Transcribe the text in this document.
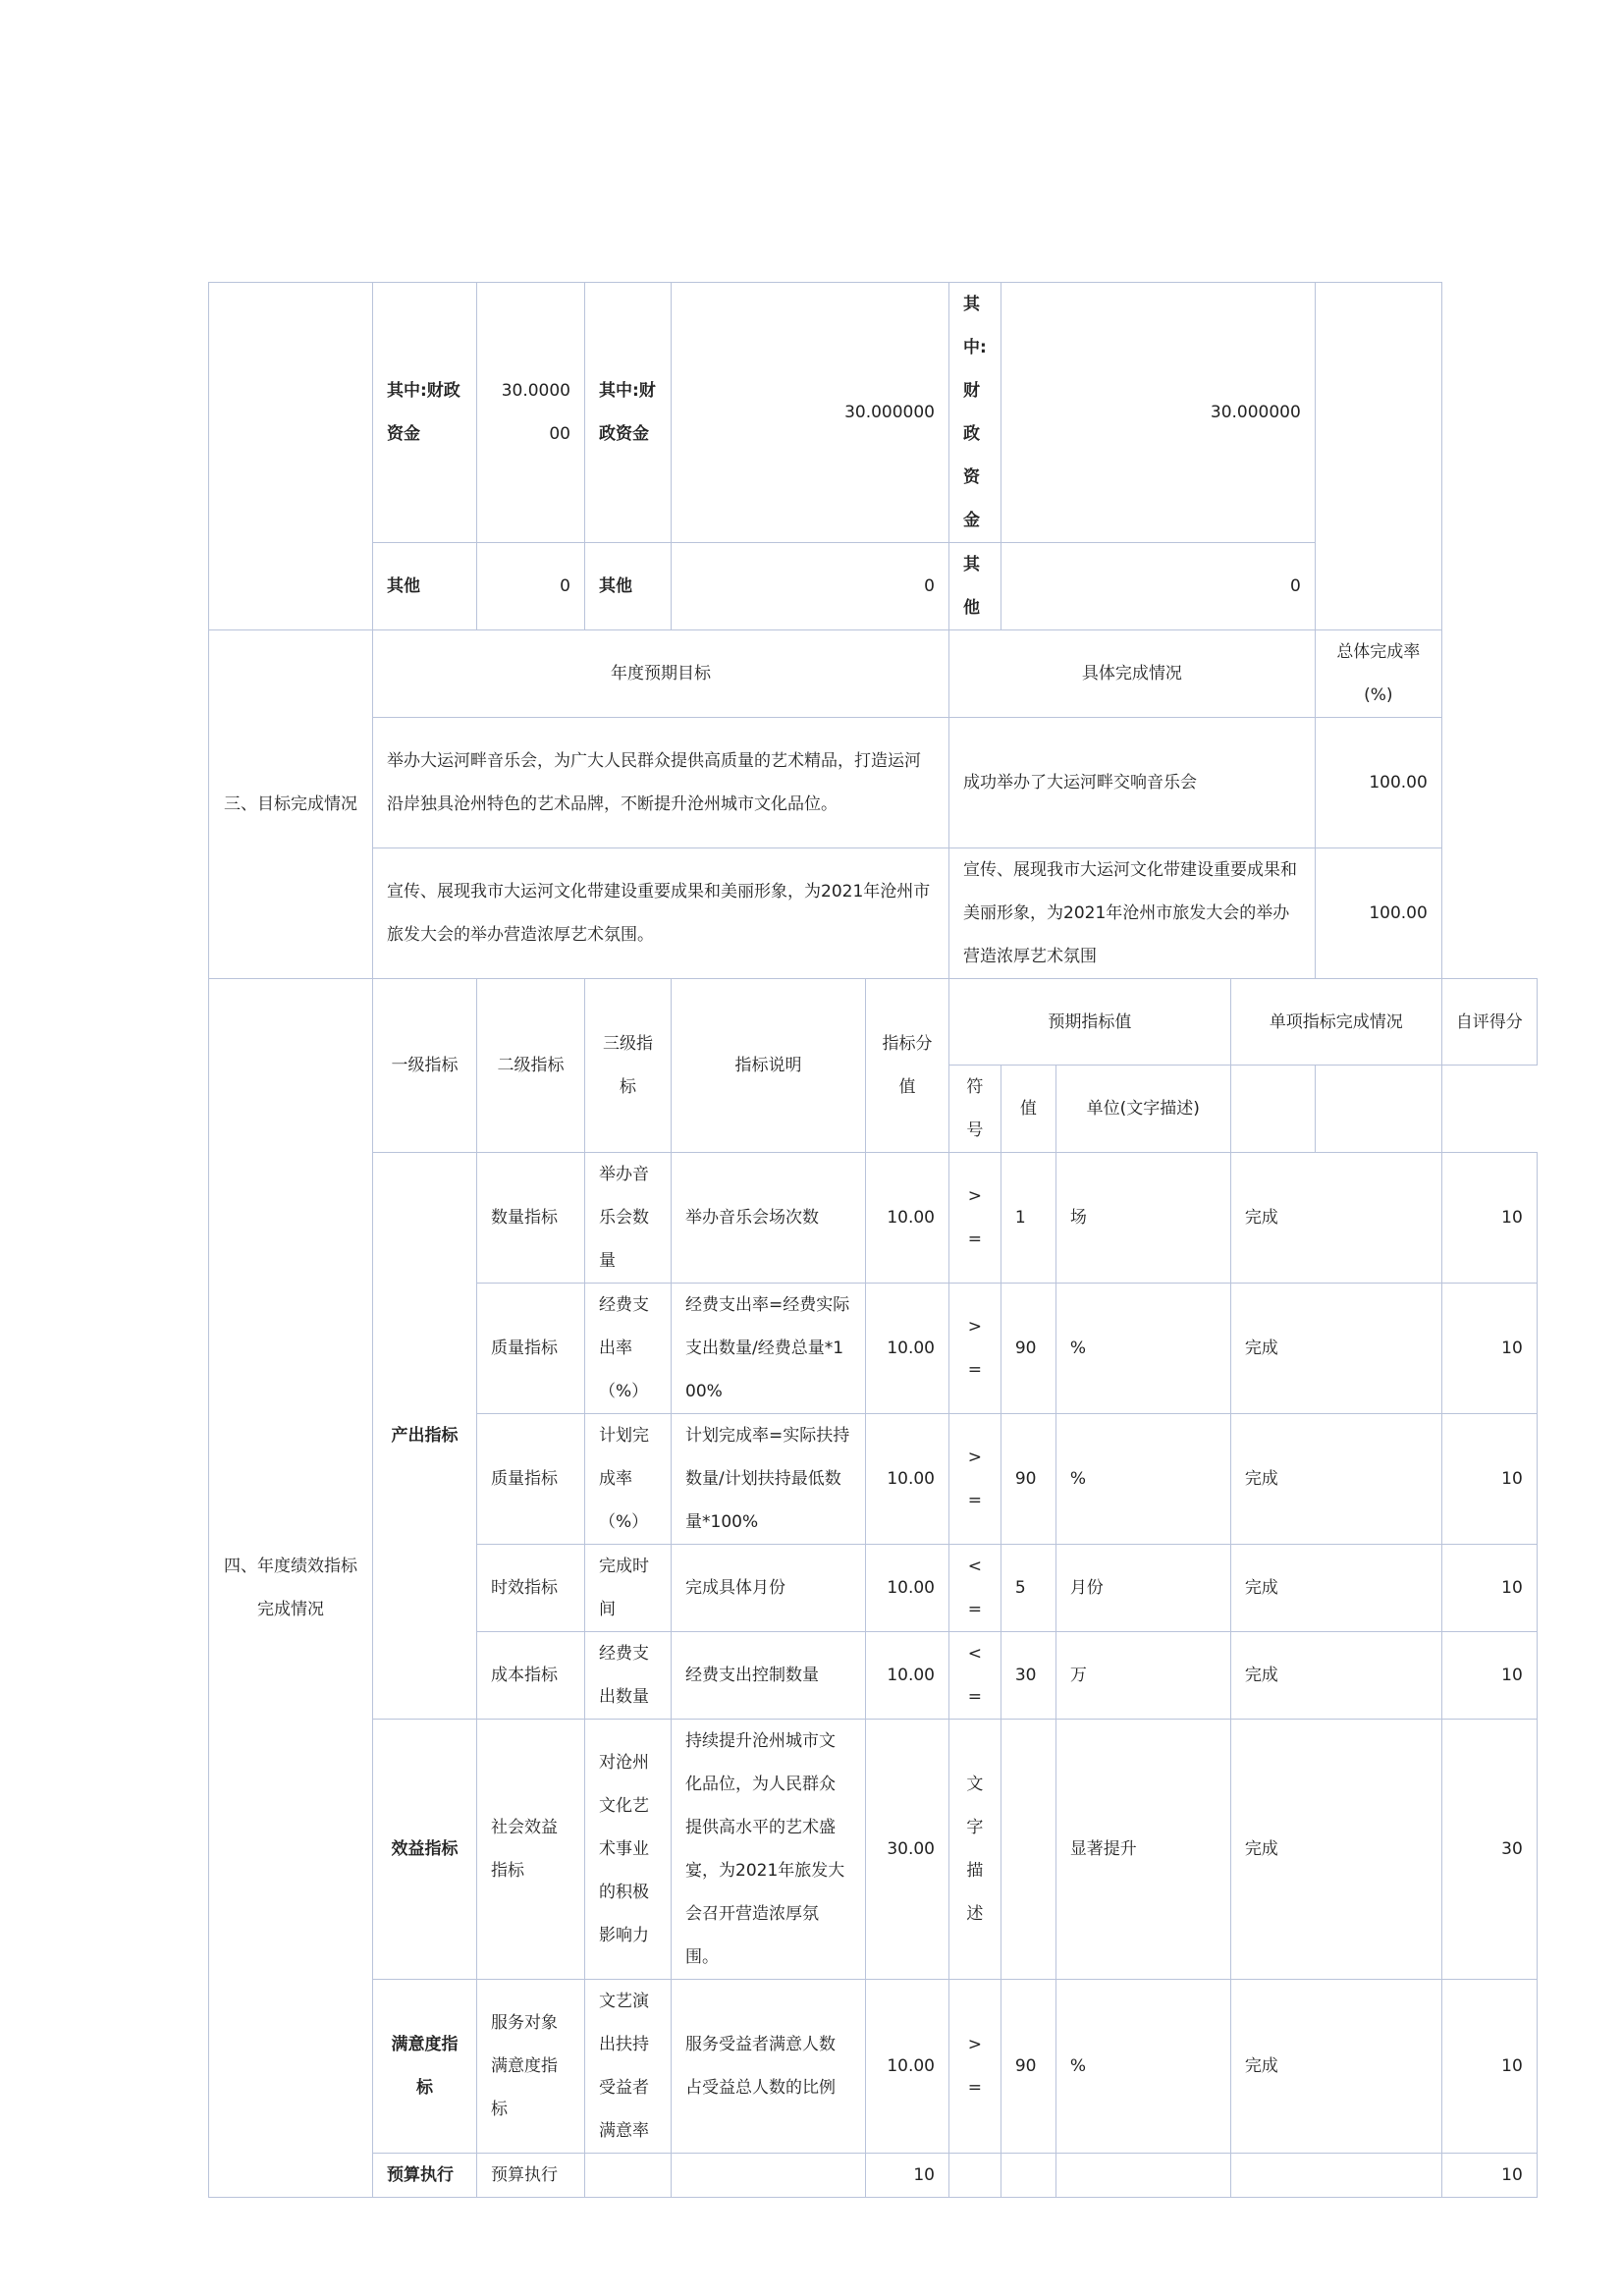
	其中:财政资金	30.000000	其中:财政资金	30.000000		其中:财政资金	30.000000				
	其他	0	其他	0		其他	0				
三、目标完成情况	年度预期目标					具体完成情况				总体完成率(%)	
	举办大运河畔音乐会，为广大人民群众提供高质量的艺术精品，打造运河沿岸独具沧州特色的艺术品牌，不断提升沧州城市文化品位。					成功举办了大运河畔交响音乐会				100.00	
	宣传、展现我市大运河文化带建设重要成果和美丽形象，为2021年沧州市旅发大会的举办营造浓厚艺术氛围。					宣传、展现我市大运河文化带建设重要成果和美丽形象，为2021年沧州市旅发大会的举办营造浓厚艺术氛围				100.00	
四、年度绩效指标完成情况	一级指标	二级指标	三级指标	指标说明	指标分值	预期指标值			单项指标完成情况		自评得分
						符号	值	单位(文字描述)			
	产出指标	数量指标	举办音乐会数量	举办音乐会场次数	10.00	>=	1	场	完成		10
		质量指标	经费支出率（%）	经费支出率=经费实际支出数量/经费总量*100%	10.00	>=	90	%	完成		10
		质量指标	计划完成率（%）	计划完成率=实际扶持数量/计划扶持最低数量*100%	10.00	>=	90	%	完成		10
		时效指标	完成时间	完成具体月份	10.00	<=	5	月份	完成		10
		成本指标	经费支出数量	经费支出控制数量	10.00	<=	30	万	完成		10
	效益指标	社会效益指标	对沧州文化艺术事业的积极影响力	持续提升沧州城市文化品位，为人民群众提供高水平的艺术盛宴，为2021年旅发大会召开营造浓厚氛围。	30.00	文字描述		显著提升	完成		30
	满意度指标	服务对象满意度指标	文艺演出扶持受益者满意率	服务受益者满意人数占受益总人数的比例	10.00	>=	90	%	完成		10
	预算执行	预算执行			10						10
